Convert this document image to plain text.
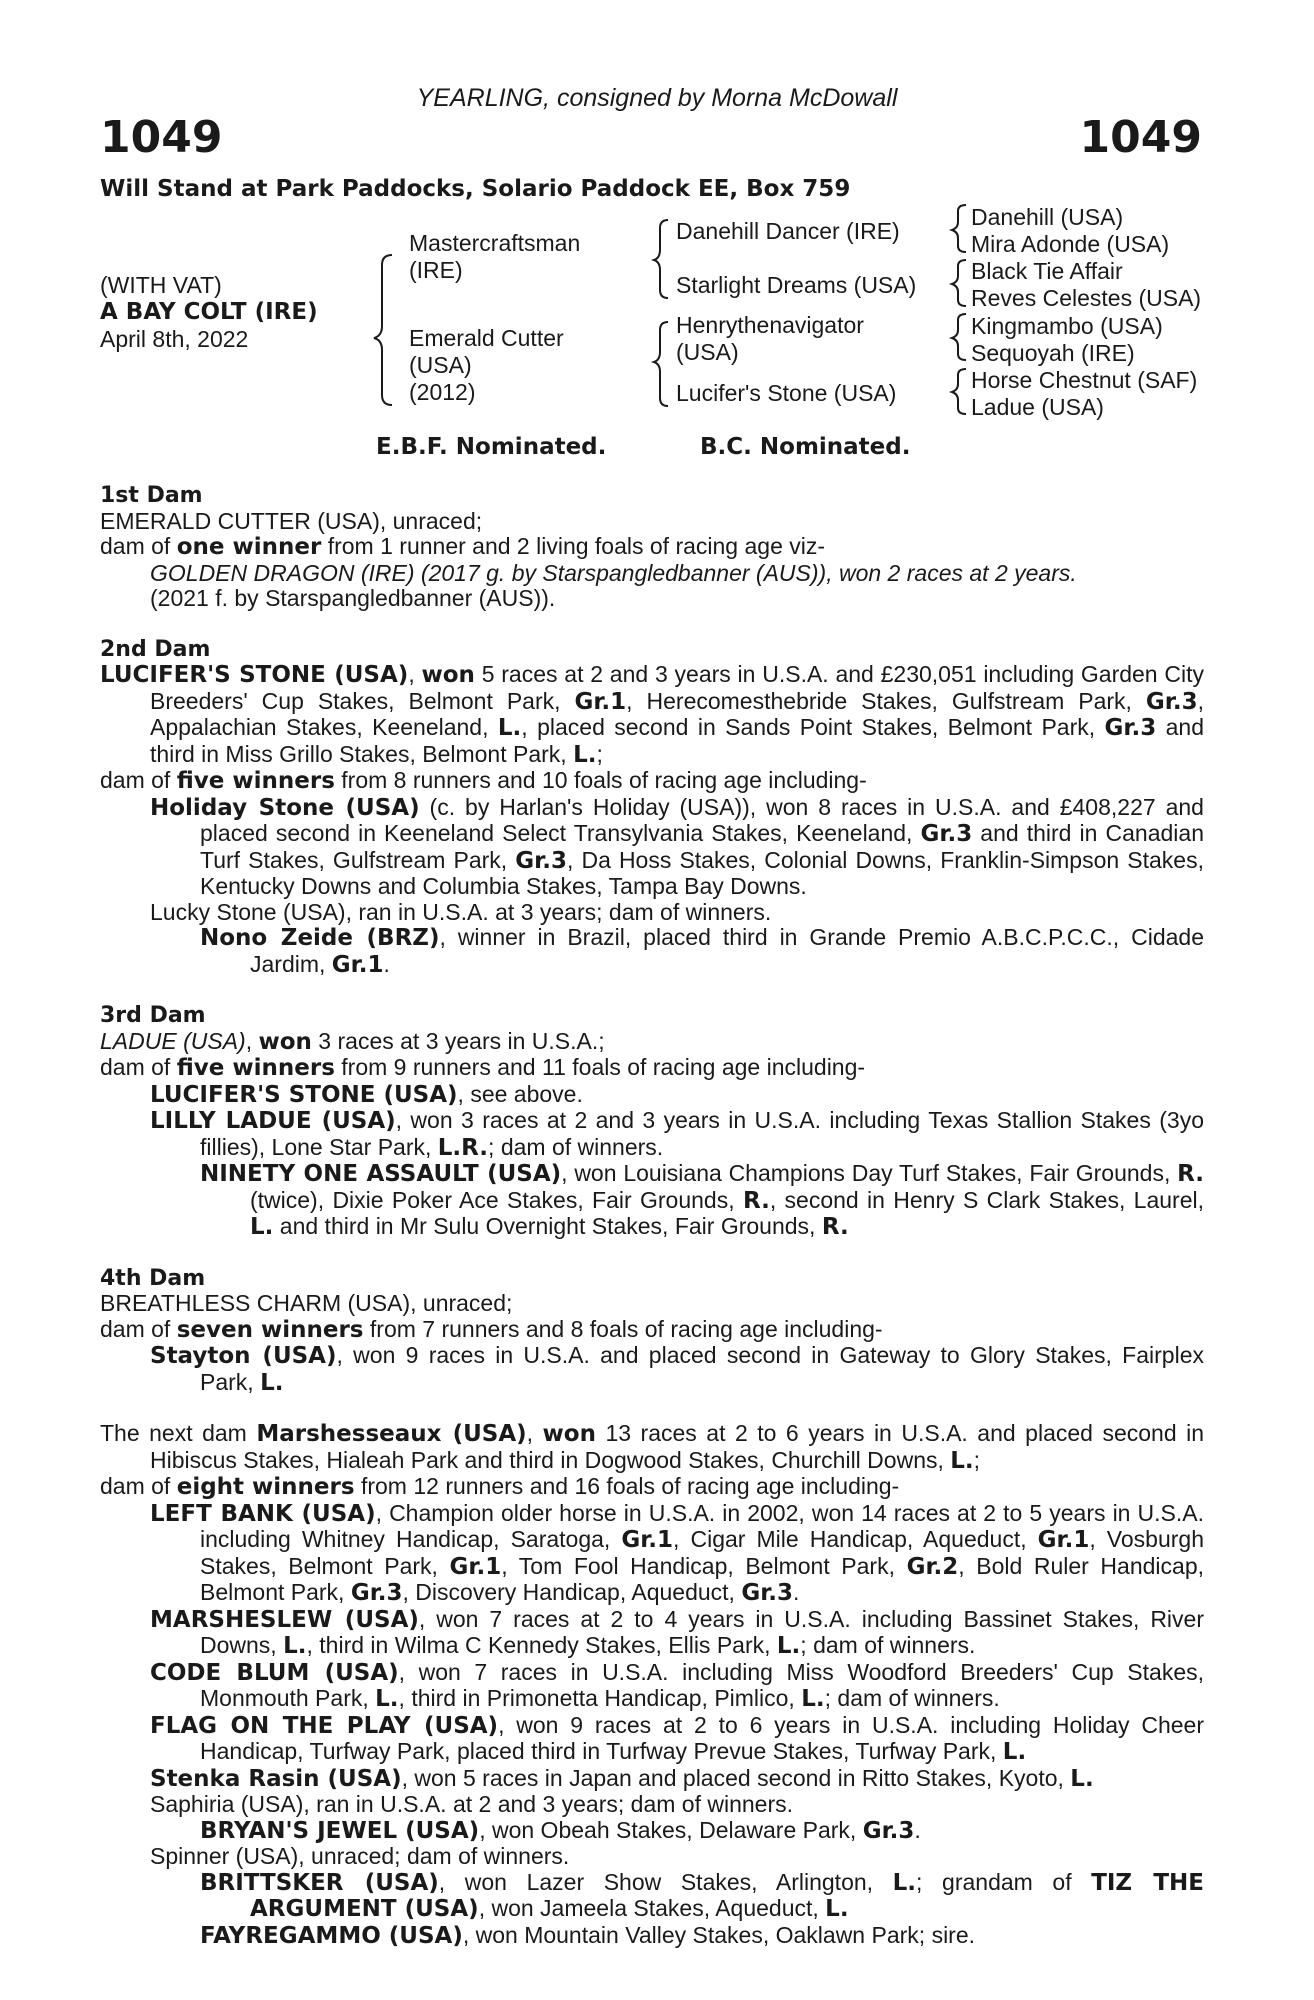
YEARLING, consigned by Morna McDowall
1049	1049
Will Stand at Park Paddocks, Solario Paddock EE, Box 759
(WITH VAT)
A BAY COLT (IRE)
April 8th, 2022
Mastercraftsman
(IRE)
Emerald Cutter
(USA)
(2012)
Danehill Dancer (IRE)
Starlight Dreams (USA)
Henrythenavigator
(USA)
Lucifer's Stone (USA)
Danehill (USA)
Mira Adonde (USA)
Black Tie Affair
Reves Celestes (USA)
Kingmambo (USA)
Sequoyah (IRE)
Horse Chestnut (SAF)
Ladue (USA)
E.B.F. Nominated.	B.C. Nominated.

1st Dam

EMERALD CUTTER (USA), unraced;

dam of one winner from 1 runner and 2 living foals of racing age viz-

GOLDEN DRAGON (IRE) (2017 g. by Starspangledbanner (AUS)), won 2 races at 2 years.

(2021 f. by Starspangledbanner (AUS)).

2nd Dam

LUCIFER'S STONE (USA), won 5 races at 2 and 3 years in U.S.A. and £230,051 including Garden City Breeders' Cup Stakes, Belmont Park, Gr.1, Herecomesthebride Stakes, Gulfstream Park, Gr.3, Appalachian Stakes, Keeneland, L., placed second in Sands Point Stakes, Belmont Park, Gr.3 and third in Miss Grillo Stakes, Belmont Park, L.;

dam of five winners from 8 runners and 10 foals of racing age including-

Holiday Stone (USA) (c. by Harlan's Holiday (USA)), won 8 races in U.S.A. and £408,227 and placed second in Keeneland Select Transylvania Stakes, Keeneland, Gr.3 and third in Canadian Turf Stakes, Gulfstream Park, Gr.3, Da Hoss Stakes, Colonial Downs, Franklin-Simpson Stakes, Kentucky Downs and Columbia Stakes, Tampa Bay Downs.

Lucky Stone (USA), ran in U.S.A. at 3 years; dam of winners.

Nono Zeide (BRZ), winner in Brazil, placed third in Grande Premio A.B.C.P.C.C., Cidade Jardim, Gr.1.

3rd Dam

LADUE (USA), won 3 races at 3 years in U.S.A.;

dam of five winners from 9 runners and 11 foals of racing age including-

LUCIFER'S STONE (USA), see above.

LILLY LADUE (USA), won 3 races at 2 and 3 years in U.S.A. including Texas Stallion Stakes (3yo fillies), Lone Star Park, L.R.; dam of winners.

NINETY ONE ASSAULT (USA), won Louisiana Champions Day Turf Stakes, Fair Grounds, R. (twice), Dixie Poker Ace Stakes, Fair Grounds, R., second in Henry S Clark Stakes, Laurel, L. and third in Mr Sulu Overnight Stakes, Fair Grounds, R.

4th Dam

BREATHLESS CHARM (USA), unraced;

dam of seven winners from 7 runners and 8 foals of racing age including-

Stayton (USA), won 9 races in U.S.A. and placed second in Gateway to Glory Stakes, Fairplex Park, L.

The next dam Marshesseaux (USA), won 13 races at 2 to 6 years in U.S.A. and placed second in Hibiscus Stakes, Hialeah Park and third in Dogwood Stakes, Churchill Downs, L.;

dam of eight winners from 12 runners and 16 foals of racing age including-

LEFT BANK (USA), Champion older horse in U.S.A. in 2002, won 14 races at 2 to 5 years in U.S.A. including Whitney Handicap, Saratoga, Gr.1, Cigar Mile Handicap, Aqueduct, Gr.1, Vosburgh Stakes, Belmont Park, Gr.1, Tom Fool Handicap, Belmont Park, Gr.2, Bold Ruler Handicap, Belmont Park, Gr.3, Discovery Handicap, Aqueduct, Gr.3.

MARSHESLEW (USA), won 7 races at 2 to 4 years in U.S.A. including Bassinet Stakes, River Downs, L., third in Wilma C Kennedy Stakes, Ellis Park, L.; dam of winners.

CODE BLUM (USA), won 7 races in U.S.A. including Miss Woodford Breeders' Cup Stakes, Monmouth Park, L., third in Primonetta Handicap, Pimlico, L.; dam of winners.

FLAG ON THE PLAY (USA), won 9 races at 2 to 6 years in U.S.A. including Holiday Cheer Handicap, Turfway Park, placed third in Turfway Prevue Stakes, Turfway Park, L.

Stenka Rasin (USA), won 5 races in Japan and placed second in Ritto Stakes, Kyoto, L.

Saphiria (USA), ran in U.S.A. at 2 and 3 years; dam of winners.

BRYAN'S JEWEL (USA), won Obeah Stakes, Delaware Park, Gr.3.

Spinner (USA), unraced; dam of winners.

BRITTSKER (USA), won Lazer Show Stakes, Arlington, L.; grandam of TIZ THE ARGUMENT (USA), won Jameela Stakes, Aqueduct, L.

FAYREGAMMO (USA), won Mountain Valley Stakes, Oaklawn Park; sire.
